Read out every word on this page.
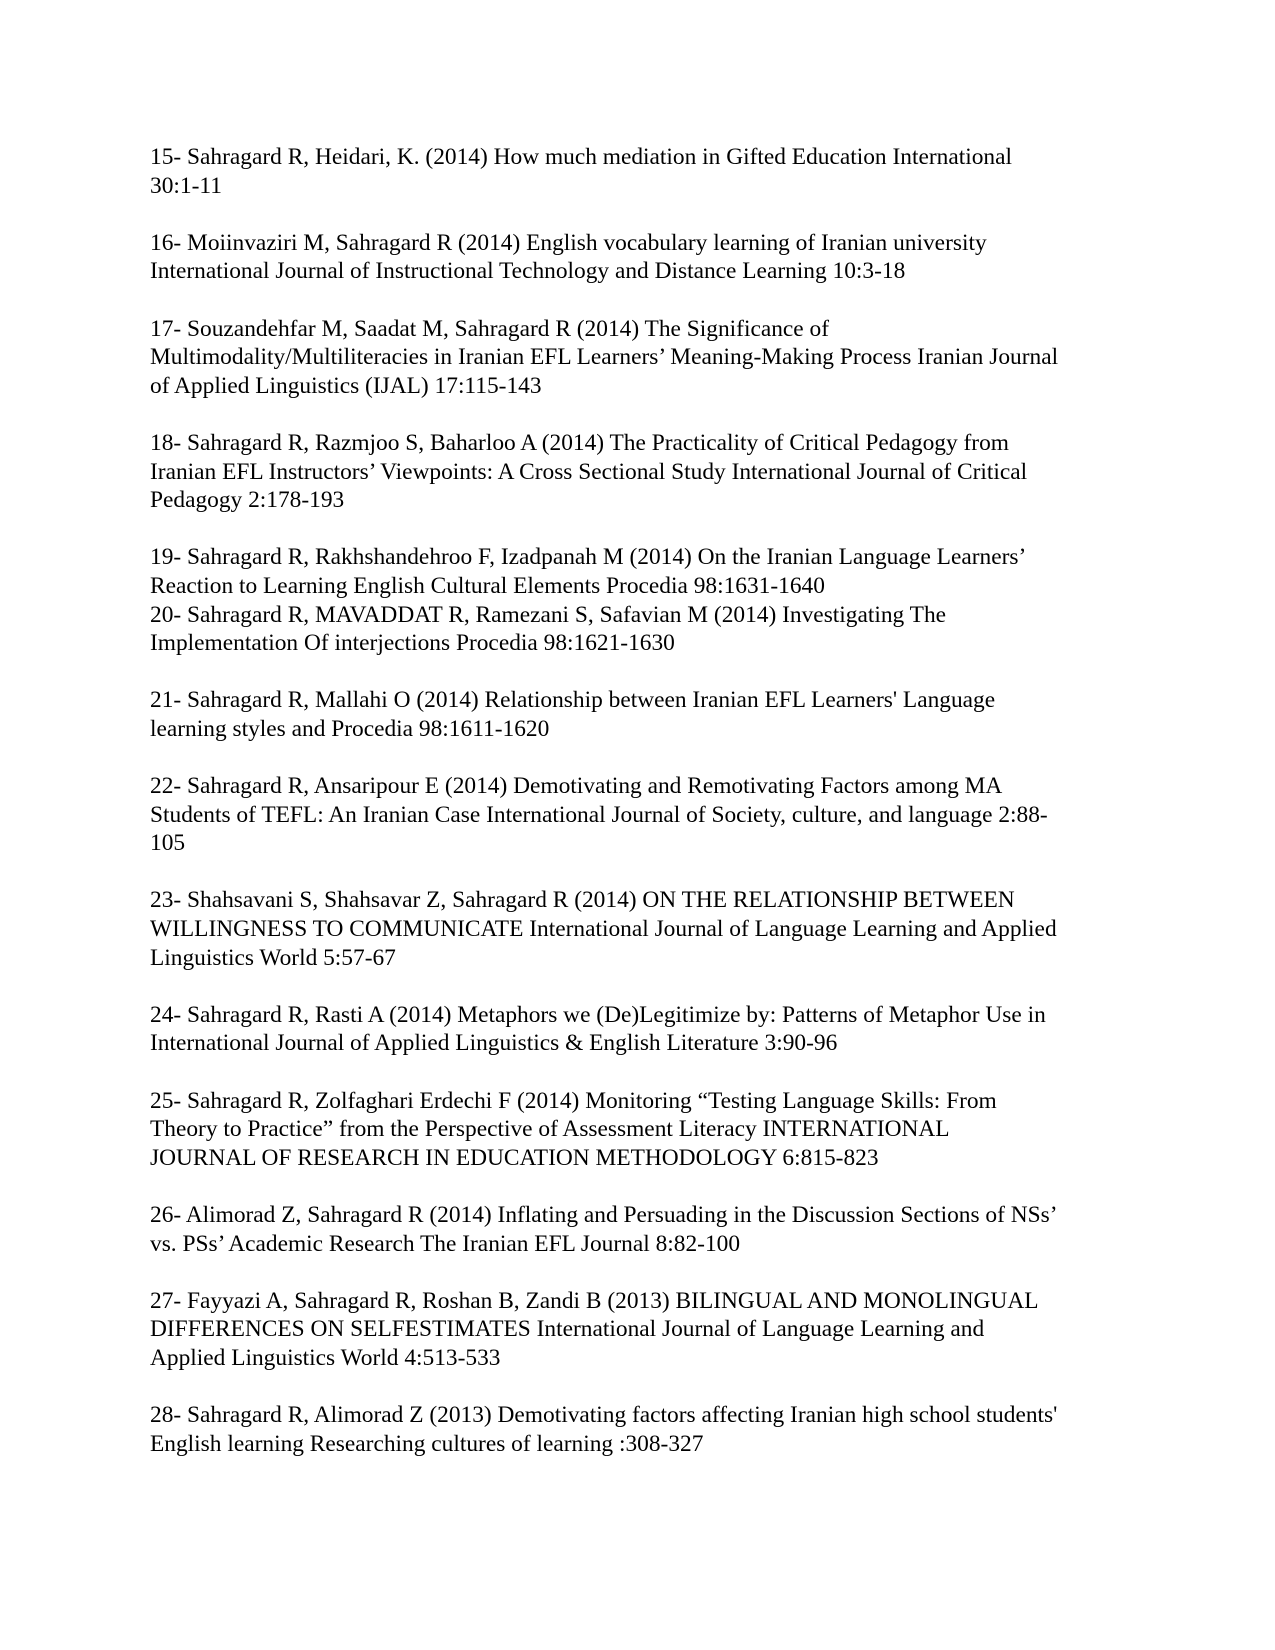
15- Sahragard R, Heidari, K. (2014) How much mediation in Gifted Education International
30:1-11
16- Moiinvaziri M, Sahragard R (2014) English vocabulary learning of Iranian university
International Journal of Instructional Technology and Distance Learning 10:3-18
17- Souzandehfar M, Saadat M, Sahragard R (2014) The Significance of
Multimodality/Multiliteracies in Iranian EFL Learners’ Meaning-Making Process Iranian Journal
of Applied Linguistics (IJAL) 17:115-143
18- Sahragard R, Razmjoo S, Baharloo A (2014) The Practicality of Critical Pedagogy from
Iranian EFL Instructors’ Viewpoints: A Cross Sectional Study International Journal of Critical
Pedagogy 2:178-193
19- Sahragard R, Rakhshandehroo F, Izadpanah M (2014) On the Iranian Language Learners’
Reaction to Learning English Cultural Elements Procedia 98:1631-1640
20- Sahragard R, MAVADDAT R, Ramezani S, Safavian M (2014) Investigating The
Implementation Of interjections Procedia 98:1621-1630
21- Sahragard R, Mallahi O (2014) Relationship between Iranian EFL Learners' Language
learning styles and Procedia 98:1611-1620
22- Sahragard R, Ansaripour E (2014) Demotivating and Remotivating Factors among MA
Students of TEFL: An Iranian Case International Journal of Society, culture, and language 2:88-
105
23- Shahsavani S, Shahsavar Z, Sahragard R (2014) ON THE RELATIONSHIP BETWEEN
WILLINGNESS TO COMMUNICATE International Journal of Language Learning and Applied
Linguistics World 5:57-67
24- Sahragard R, Rasti A (2014) Metaphors we (De)Legitimize by: Patterns of Metaphor Use in
International Journal of Applied Linguistics & English Literature 3:90-96
25- Sahragard R, Zolfaghari Erdechi F (2014) Monitoring “Testing Language Skills: From
Theory to Practice” from the Perspective of Assessment Literacy INTERNATIONAL
JOURNAL OF RESEARCH IN EDUCATION METHODOLOGY 6:815-823
26- Alimorad Z, Sahragard R (2014) Inflating and Persuading in the Discussion Sections of NSs’
vs. PSs’ Academic Research The Iranian EFL Journal 8:82-100
27- Fayyazi A, Sahragard R, Roshan B, Zandi B (2013) BILINGUAL AND MONOLINGUAL
DIFFERENCES ON SELFESTIMATES International Journal of Language Learning and
Applied Linguistics World 4:513-533
28- Sahragard R, Alimorad Z (2013) Demotivating factors affecting Iranian high school students'
English learning Researching cultures of learning :308-327
